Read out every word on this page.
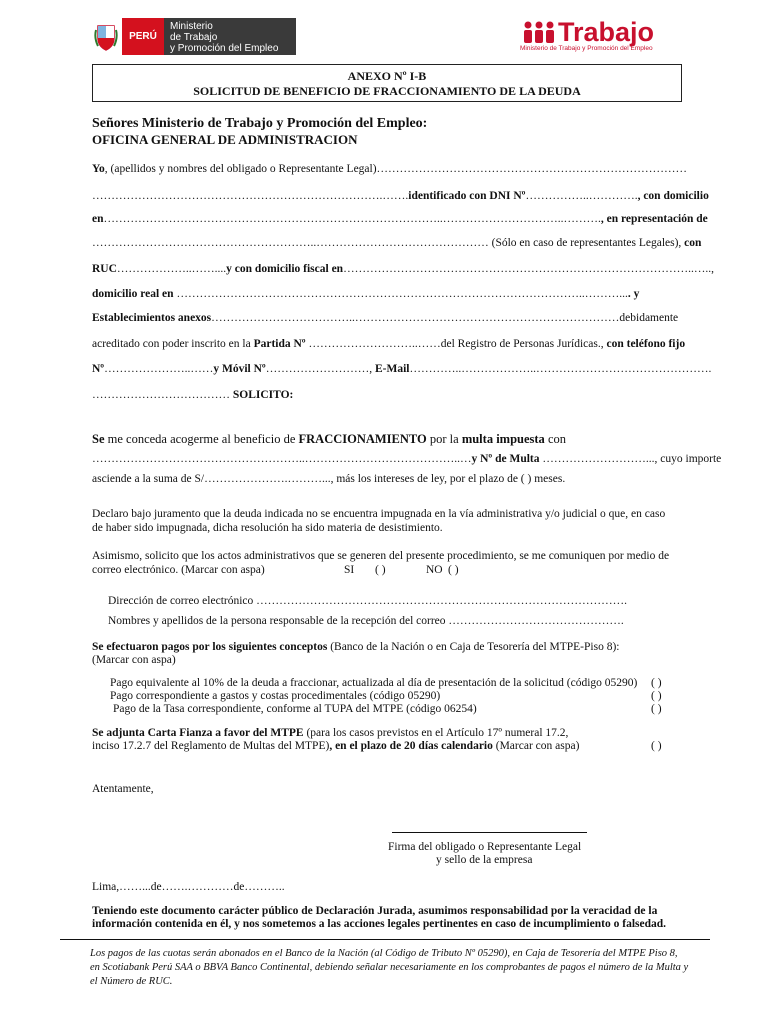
PERÚ
Ministerio
de Trabajo
y Promoción del Empleo
Trabajo
Ministerio de Trabajo y Promoción del Empleo
ANEXO Nº I-B
SOLICITUD DE BENEFICIO DE FRACCIONAMIENTO DE LA DEUDA
Señores Ministerio de Trabajo y Promoción del Empleo:
OFICINA GENERAL DE ADMINISTRACION
Yo, (apellidos y nombres del obligado o Representante Legal)………………………………………………………………………
………………………………………………………………….…….identificado con DNI Nº……………..…………., con domicilio
en……………………………………………………………………………..…………………………..………., en representación de
…………………………………………………..……………………………………… (Sólo en caso de representantes Legales), con
RUC………………..……....y con domicilio fiscal en………………………………………………………………………………..…..,
domicilio real en ……………………………………………………………………………………………..……….... y
Establecimientos anexos………………………………..……………………………………………………………debidamente
acreditado con poder inscrito en la Partida Nº ………………………..……del Registro de Personas Jurídicas., con teléfono fijo
Nº…………………..……y Móvil Nº………………………, E-Mail…………..………………..……………………………………….
……………………………… SOLICITO:
Se me conceda acogerme al beneficio de FRACCIONAMIENTO por la multa impuesta con
………………………………………………..…………………………………..…y Nº de Multa ………………………..., cuyo importe
asciende a la suma de S/………………….………..., más los intereses de ley, por el plazo de ( ) meses.
Declaro bajo juramento que la deuda indicada no se encuentra impugnada en la vía administrativa y/o judicial o que, en caso
de haber sido impugnada, dicha resolución ha sido materia de desistimiento.
Asimismo, solicito que los actos administrativos que se generen del presente procedimiento, se me comuniquen por medio de
correo electrónico. (Marcar con aspa)	SI ( )	NO ( )
Dirección de correo electrónico …………………………………………………………………………………….
Nombres y apellidos de la persona responsable de la recepción del correo ……………………………………….
Se efectuaron pagos por los siguientes conceptos (Banco de la Nación o en Caja de Tesorería del MTPE-Piso 8):
(Marcar con aspa)
Pago equivalente al 10% de la deuda a fraccionar, actualizada al día de presentación de la solicitud (código 05290) ( )
Pago correspondiente a gastos y costas procedimentales (código 05290)	( )
Pago de la Tasa correspondiente, conforme al TUPA del MTPE (código 06254)	( )
Se adjunta Carta Fianza a favor del MTPE (para los casos previstos en el Artículo 17º numeral 17.2,
inciso 17.2.7 del Reglamento de Multas del MTPE), en el plazo de 20 días calendario (Marcar con aspa)	( )
Atentamente,
Firma del obligado o Representante Legal
y sello de la empresa
Lima,……...de…….…………de………..
Teniendo este documento carácter público de Declaración Jurada, asumimos responsabilidad por la veracidad de la
información contenida en él, y nos sometemos a las acciones legales pertinentes en caso de incumplimiento o falsedad.
Los pagos de las cuotas serán abonados en el Banco de la Nación (al Código de Tributo Nº 05290), en Caja de Tesorería del MTPE Piso 8, en Scotiabank Perú SAA o BBVA Banco Continental, debiendo señalar necesariamente en los comprobantes de pagos el número de la Multa y el Número de RUC.
